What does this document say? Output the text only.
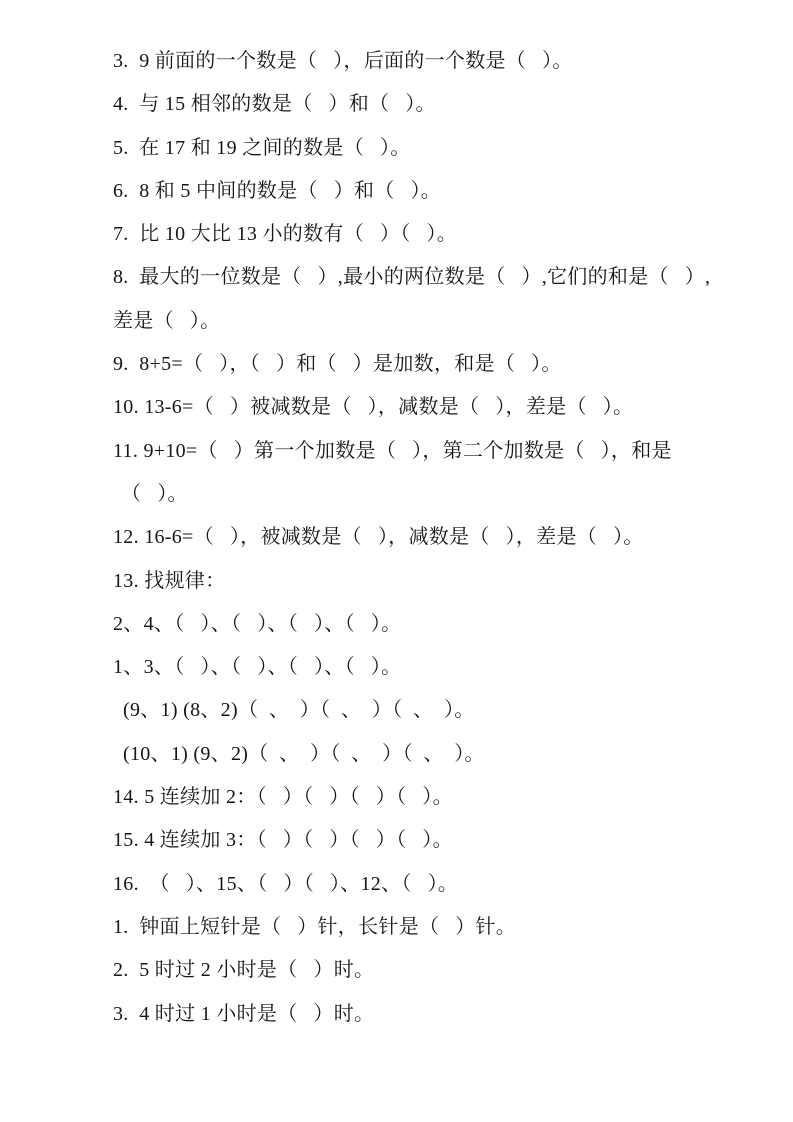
3.  9 前面的一个数是（   ），后面的一个数是（   ）。

4.  与 15 相邻的数是（   ）和（   ）。

5.  在 17 和 19 之间的数是（   ）。

6.  8 和 5 中间的数是（   ）和（   ）。

7.  比 10 大比 13 小的数有（   ）（   ）。

8.  最大的一位数是（   ）,最小的两位数是（   ）,它们的和是（   ）,

差是（   ）。

9.  8+5=（   ），（   ）和（   ）是加数，和是（   ）。

10. 13-6=（   ）被减数是（   ），减数是（   ），差是（   ）。

11. 9+10=（   ）第一个加数是（   ），第二个加数是（   ），和是

（   ）。

12. 16-6=（   ），被减数是（   ），减数是（   ），差是（   ）。

13. 找规律：

2、4、（   ）、（   ）、（   ）、（   ）。

1、3、（   ）、（   ）、（   ）、（   ）。

(9、1) (8、2)（  、  ）（  、  ）（  、  ）。

(10、1) (9、2)（  、  ）（  、  ）（  、  ）。

14. 5 连续加 2：（   ）（   ）（   ）（   ）。

15. 4 连续加 3：（   ）（   ）（   ）（   ）。

16.  （   ）、15、（   ）（   ）、12、（   ）。

1.  钟面上短针是（   ）针，长针是（   ）针。

2.  5 时过 2 小时是（   ）时。

3.  4 时过 1 小时是（   ）时。
